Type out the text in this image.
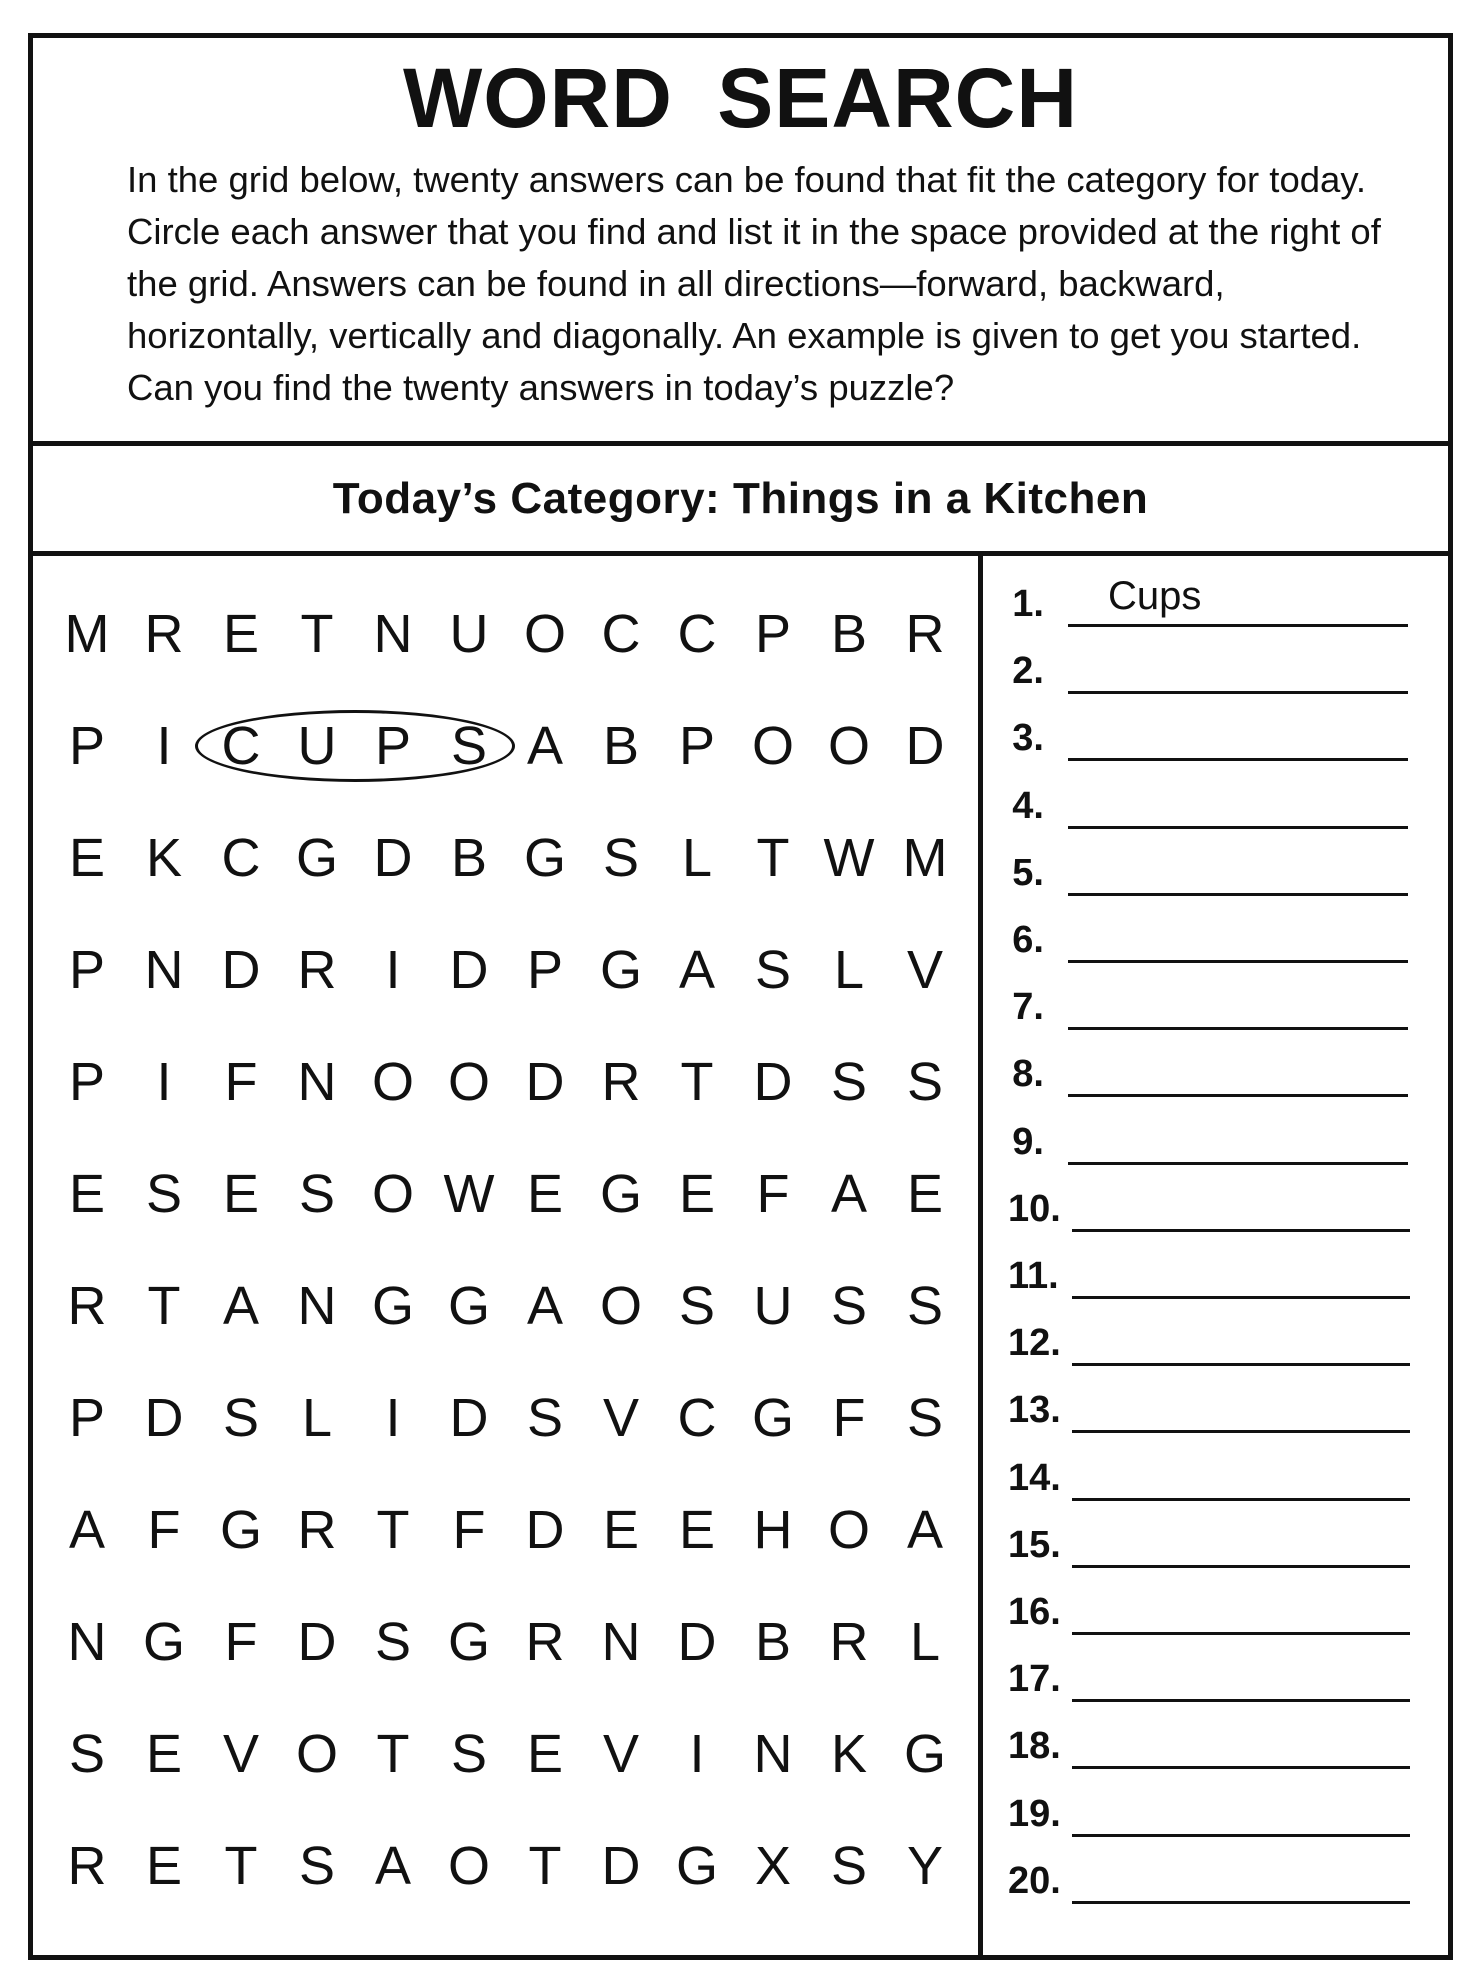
WORD SEARCH

In the grid below, twenty answers can be found that fit the category for today. Circle each answer that you find and list it in the space provided at the right of the grid. Answers can be found in all directions—forward, backward, horizontally, vertically and diagonally. An example is given to get you started. Can you find the twenty answers in today’s puzzle?

Today’s Category: Things in a Kitchen
M R E T N U O C C P B R
P I C U P S A B P O O D
E K C G D B G S L T W M
P N D R I D P G A S L V
P I F N O O D R T D S S
E S E S O W E G E F A E
R T A N G G A O S U S S
P D S L I D S V C G F S
A F G R T F D E E H O A
N G F D S G R N D B R L
S E V O T S E V I N K G
R E T S A O T D G X S Y
1. Cups
2.
3.
4.
5.
6.
7.
8.
9.
10.
11.
12.
13.
14.
15.
16.
17.
18.
19.
20.
